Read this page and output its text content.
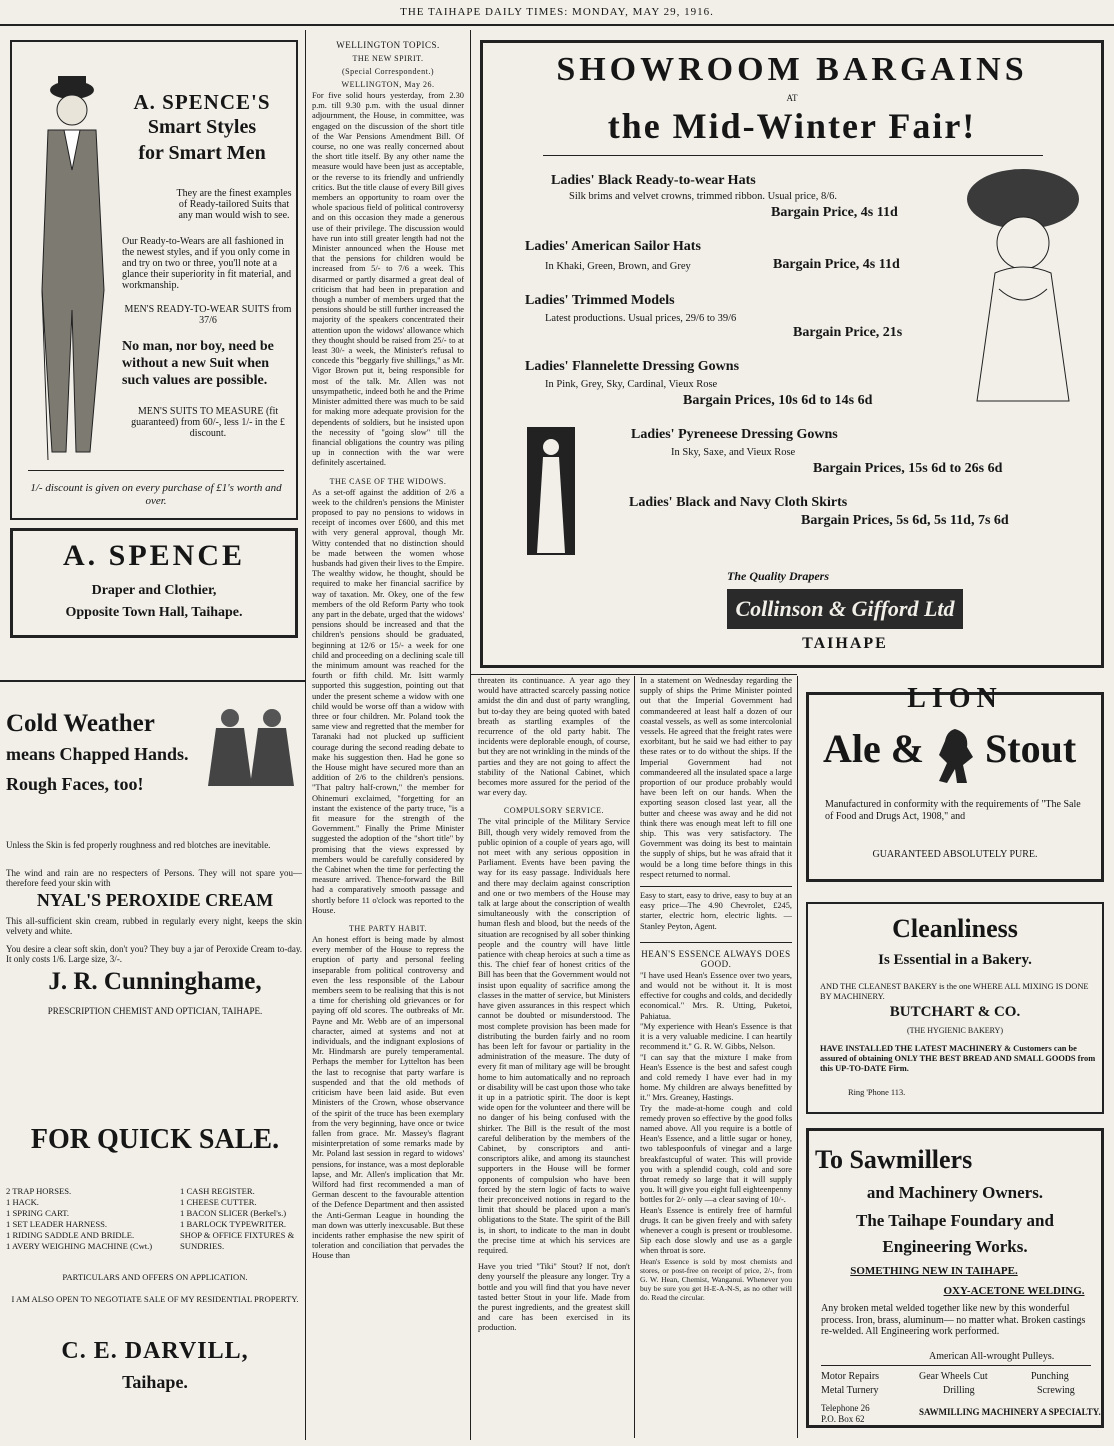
THE TAIHAPE DAILY TIMES: MONDAY, MAY 29, 1916.
A. SPENCE'S
Smart Styles
for Smart Men

They are the finest examples of Ready-tailored Suits that any man would wish to see.

Our Ready-to-Wears are all fashioned in the newest styles, and if you only come in and try on two or three, you'll note at a glance their superiority in fit material, and workmanship.

MEN'S READY-TO-WEAR SUITS from 37/6

No man, nor boy, need be without a new Suit when such values are possible.

MEN'S SUITS TO MEASURE (fit guaranteed) from 60/-, less 1/- in the £ discount.

1/- discount is given on every purchase of £1's worth and over.

A. SPENCE
Draper and Clothier,
Opposite Town Hall, Taihape.
Cold Weather
means Chapped Hands.
Rough Faces, too!

Unless the Skin is fed properly roughness and red blotches are inevitable.

The wind and rain are no respecters of Persons. They will not spare you—therefore feed your skin with

NYAL'S PEROXIDE CREAM

This all-sufficient skin cream, rubbed in regularly every night, keeps the skin velvety and white.

You desire a clear soft skin, don't you? They buy a jar of Peroxide Cream to-day. It only costs 1/6. Large size, 3/-.

J. R. Cunninghame,
PRESCRIPTION CHEMIST AND OPTICIAN, TAIHAPE.
FOR QUICK SALE.
2 TRAP HORSES.
1 HACK.
1 SPRING CART.
1 SET LEADER HARNESS.
1 RIDING SADDLE AND BRIDLE.
1 AVERY WEIGHING MACHINE (Cwt.)
1 CASH REGISTER.
1 CHEESE CUTTER.
1 BACON SLICER (Berkel's.)
1 BARLOCK TYPEWRITER.
SHOP & OFFICE FIXTURES & SUNDRIES.
PARTICULARS AND OFFERS ON APPLICATION.
I AM ALSO OPEN TO NEGOTIATE SALE OF MY RESIDENTIAL PROPERTY.
C. E. DARVILL,
Taihape.
WELLINGTON TOPICS.
THE NEW SPIRIT.
(Special Correspondent.)
WELLINGTON, May 26.

For five solid hours yesterday, from 2.30 p.m. till 9.30 p.m. with the usual dinner adjournment, the House, in committee, was engaged on the discussion of the short title of the War Pensions Amendment Bill. Of course, no one was really concerned about the short title itself. By any other name the measure would have been just as acceptable, or the reverse to its friendly and unfriendly critics. But the title clause of every Bill gives members an opportunity to roam over the whole spacious field of political controversy and on this occasion they made a generous use of their privilege. The discussion would have run into still greater length had not the Minister announced when the House met that the pensions for children would be increased from 5/- to 7/6 a week. This disarmed or partly disarmed a great deal of criticism that had been in preparation and though a number of members urged that the pensions should be still further increased the majority of the speakers concentrated their attention upon the widows' allowance which they thought should be raised from 25/- to at least 30/- a week, the Minister's refusal to concede this "beggarly five shillings," as Mr. Vigor Brown put it, being responsible for most of the talk. Mr. Allen was not unsympathetic, indeed both he and the Prime Minister admitted there was much to be said for making more adequate provision for the dependents of soldiers, but he insisted upon the necessity of "going slow" till the financial obligations the country was piling up in connection with the war were definitely ascertained.

THE CASE OF THE WIDOWS.

As a set-off against the addition of 2/6 a week to the children's pensions the Minister proposed to pay no pensions to widows in receipt of incomes over £600, and this met with very general approval, though Mr. Witty contended that no distinction should be made between the women whose husbands had given their lives to the Empire. The wealthy widow, he thought, should be required to make her financial sacrifice by way of taxation. Mr. Okey, one of the few members of the old Reform Party who took any part in the debate, urged that the widows' pensions should be increased and that the children's pensions should be graduated, beginning at 12/6 or 15/- a week for one child and proceeding on a declining scale till the minimum amount was reached for the fourth or fifth child. Mr. Isitt warmly supported this suggestion, pointing out that under the present scheme a widow with one child would be worse off than a widow with three or four children. Mr. Poland took the same view and regretted that the member for Taranaki had not plucked up sufficient courage during the second reading debate to make his suggestion then. Had he gone so the House might have secured more than an addition of 2/6 to the children's pensions. "That paltry half-crown," the member for Ohinemuri exclaimed, "forgetting for an instant the existence of the party truce, "is a fit measure for the strength of the Government." Finally the Prime Minister suggested the adoption of the "short title" by promising that the views expressed by members would be carefully considered by the Cabinet when the time for perfecting the measure arrived. Thence-forward the Bill had a comparatively smooth passage and shortly before 11 o'clock was reported to the House.

THE PARTY HABIT.

An honest effort is being made by almost every member of the House to repress the eruption of party and personal feeling inseparable from political controversy and even the less responsible of the Labour members seem to be realising that this is not a time for cherishing old grievances or for paying off old scores. The outbreaks of Mr. Payne and Mr. Webb are of an impersonal character, aimed at systems and not at individuals, and the indignant explosions of Mr. Hindmarsh are purely temperamental. Perhaps the member for Lyttelton has been the last to recognise that party warfare is suspended and that the old methods of criticism have been laid aside. But even Ministers of the Crown, whose observance of the spirit of the truce has been exemplary from the very beginning, have once or twice fallen from grace. Mr. Massey's flagrant misinterpretation of some remarks made by Mr. Poland last session in regard to widows' pensions, for instance, was a most deplorable lapse, and Mr. Allen's implication that Mr. Wilford had first recommended a man of German descent to the favourable attention of the Defence Department and then assisted the Anti-German League in hounding the man down was utterly inexcusable. But these incidents rather emphasise the new spirit of toleration and conciliation that pervades the House than

SHOWROOM BARGAINS
AT
the Mid-Winter Fair!
Ladies' Black Ready-to-wear Hats
Silk brims and velvet crowns, trimmed ribbon. Usual price, 8/6.
Bargain Price, 4s 11d
Ladies' American Sailor Hats
In Khaki, Green, Brown, and Grey	Bargain Price, 4s 11d
Ladies' Trimmed Models
Latest productions. Usual prices, 29/6 to 39/6
Bargain Price, 21s
Ladies' Flannelette Dressing Gowns
In Pink, Grey, Sky, Cardinal, Vieux Rose
Bargain Prices, 10s 6d to 14s 6d
Ladies' Pyreneese Dressing Gowns
In Sky, Saxe, and Vieux Rose
Bargain Prices, 15s 6d to 26s 6d
Ladies' Black and Navy Cloth Skirts
Bargain Prices, 5s 6d, 5s 11d, 7s 6d
The Quality Drapers
Collinson & Gifford Ltd
TAIHAPE

threaten its continuance. A year ago they would have attracted scarcely passing notice amidst the din and dust of party wrangling, but to-day they are being quoted with bated breath as startling examples of the recurrence of the old party habit. The incidents were deplorable enough, of course, but they are not wrinkling in the minds of the parties and they are not going to affect the stability of the National Cabinet, which becomes more assured for the period of the war every day.

COMPULSORY SERVICE.

The vital principle of the Military Service Bill, though very widely removed from the public opinion of a couple of years ago, will not meet with any serious opposition in Parliament. Events have been paving the way for its easy passage. Individuals here and there may declaim against conscription and one or two members of the House may talk at large about the conscription of wealth simultaneously with the conscription of human flesh and blood, but the needs of the situation are recognised by all sober thinking people and the country will have little patience with cheap heroics at such a time as this. The chief fear of honest critics of the Bill has been that the Government would not insist upon equality of sacrifice among the classes in the matter of service, but Ministers have given assurances in this respect which cannot be doubted or misunderstood. The most complete provision has been made for distributing the burden fairly and no room has been left for favour or partiality in the administration of the measure. The duty of every fit man of military age will be brought home to him automatically and no reproach or disability will be cast upon those who take it up in a patriotic spirit. The door is kept wide open for the volunteer and there will be no danger of his being confused with the shirker. The Bill is the result of the most careful deliberation by the members of the Cabinet, by conscriptors and anti-conscriptors alike, and among its staunchest supporters in the House will be former opponents of compulsion who have been forced by the stern logic of facts to waive their preconceived notions in regard to the limit that should be placed upon a man's obligations to the State. The spirit of the Bill is, in short, to indicate to the man in doubt the precise time at which his services are required.

Have you tried "Tiki" Stout? If not, don't deny yourself the pleasure any longer. Try a bottle and you will find that you have never tasted better Stout in your life. Made from the purest ingredients, and the greatest skill and care has been exercised in its production.

In a statement on Wednesday regarding the supply of ships the Prime Minister pointed out that the Imperial Government had commandeered at least half a dozen of our coastal vessels, as well as some intercolonial vessels. He agreed that the freight rates were exorbitant, but he said we had either to pay these rates or to do without the ships. If the Imperial Government had not commandeered all the insulated space a large proportion of our produce probably would have been left on our hands. When the exporting season closed last year, all the butter and cheese was away and he did not think there was enough meat left to fill one ship. This was very satisfactory. The Government was doing its best to maintain the supply of ships, but he was afraid that it would be a long time before things in this respect returned to normal.

Easy to start, easy to drive, easy to buy at an easy price—The 4.90 Chevrolet, £245, starter, electric horn, electric lights. — Stanley Peyton, Agent.

HEAN'S ESSENCE ALWAYS DOES GOOD.

"I have used Hean's Essence over two years, and would not be without it. It is most effective for coughs and colds, and decidedly economical." Mrs. R. Utting, Puketoi, Pahiatua.

"My experience with Hean's Essence is that it is a very valuable medicine. I can heartily recommend it." G. R. W. Gibbs, Nelson.

"I can say that the mixture I make from Hean's Essence is the best and safest cough and cold remedy I have ever had in my home. My children are always benefitted by it." Mrs. Greaney, Hastings.

Try the made-at-home cough and cold remedy proven so effective by the good folks named above. All you require is a bottle of Hean's Essence, and a little sugar or honey, two tablespoonfuls of vinegar and a large breakfastcupful of water. This will provide you with a splendid cough, cold and sore throat remedy so large that it will supply you. It will give you eight full eighteenpenny bottles for 2/- only —a clear saving of 10/-.

Hean's Essence is entirely free of harmful drugs. It can be given freely and with safety whenever a cough is present or troublesome. Sip each dose slowly and use as a gargle when throat is sore.

Hean's Essence is sold by most chemists and stores, or post-free on receipt of price, 2/-, from G. W. Hean, Chemist, Wanganui. Whenever you buy be sure you get H-E-A-N-S, as no other will do. Read the circular.

LION
Ale & Stout

Manufactured in conformity with the requirements of "The Sale of Food and Drugs Act, 1908," and

GUARANTEED ABSOLUTELY PURE.
Cleanliness
Is Essential in a Bakery.

AND THE CLEANEST BAKERY is the one WHERE ALL MIXING IS DONE BY MACHINERY.

BUTCHART & CO.
(THE HYGIENIC BAKERY)

HAVE INSTALLED THE LATEST MACHINERY & Customers can be assured of obtaining ONLY THE BEST BREAD AND SMALL GOODS from this UP-TO-DATE Firm.

Ring 'Phone 113.
To Sawmillers
and Machinery Owners.
The Taihape Foundary and
Engineering Works.
SOMETHING NEW IN TAIHAPE.
OXY-ACETONE WELDING.

Any broken metal welded together like new by this wonderful process. Iron, brass, aluminum— no matter what. Broken castings re-welded. All Engineering work performed.

American All-wrought Pulleys.
Motor Repairs	Gear Wheels Cut	Punching
Metal Turnery	Drilling	Screwing
Telephone 26
P.O. Box 62
SAWMILLING MACHINERY A SPECIALTY.
